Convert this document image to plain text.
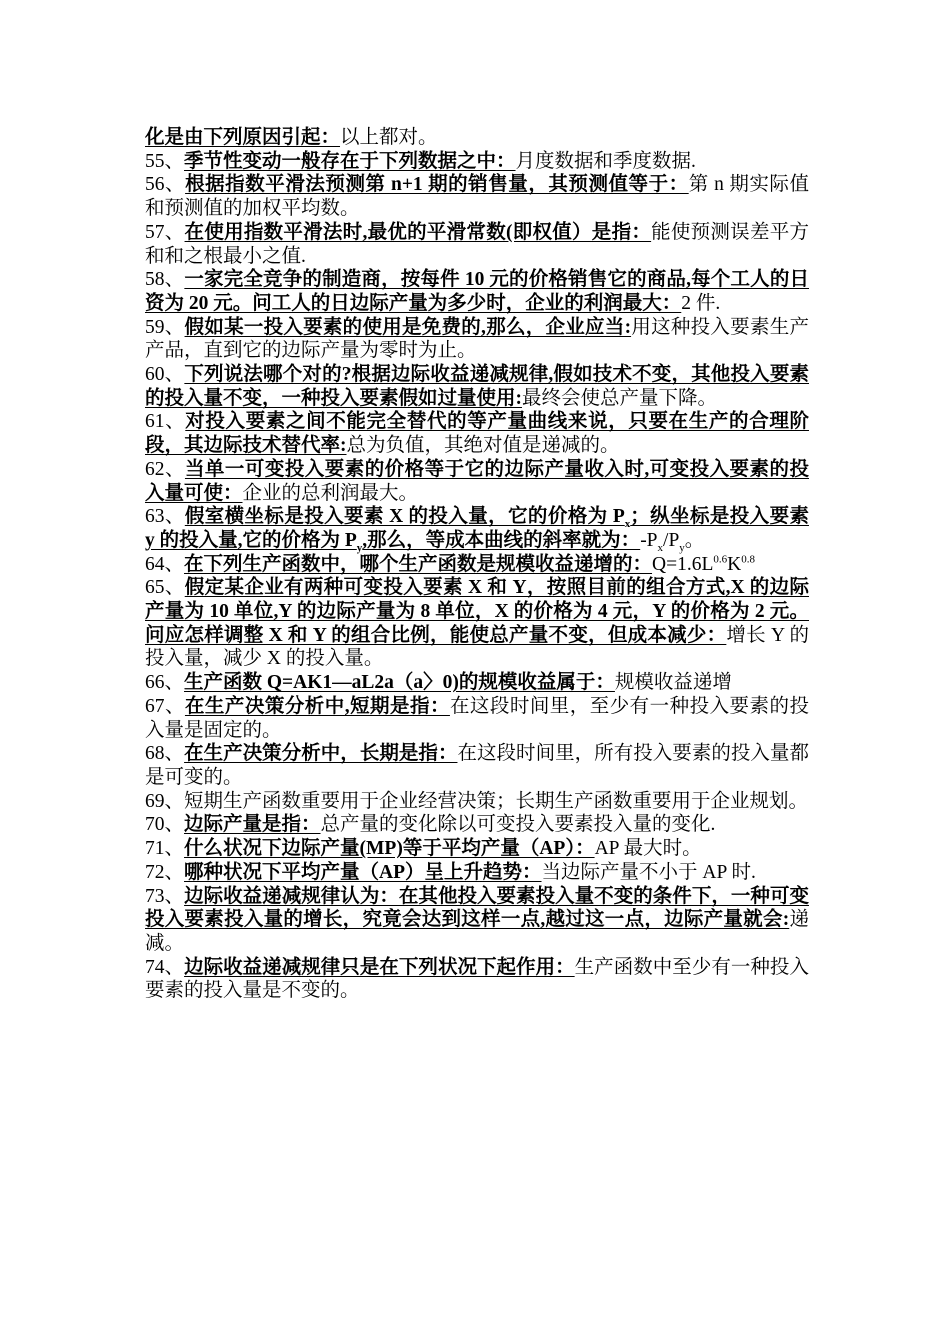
化是由下列原因引起：以上都对。

55、季节性变动一般存在于下列数据之中：月度数据和季度数据.

56、根据指数平滑法预测第 n+1 期的销售量，其预测值等于：第 n 期实际值和预测值的加权平均数。

57、在使用指数平滑法时,最优的平滑常数(即权值）是指：能使预测误差平方和和之根最小之值.

58、一家完全竞争的制造商，按每件 10 元的价格销售它的商品,每个工人的日资为 20 元。问工人的日边际产量为多少时，企业的利润最大：2 件.

59、假如某一投入要素的使用是免费的,那么，企业应当:用这种投入要素生产产品，直到它的边际产量为零时为止。

60、下列说法哪个对的?根据边际收益递减规律,假如技术不变，其他投入要素的投入量不变，一种投入要素假如过量使用:最终会使总产量下降。

61、对投入要素之间不能完全替代的等产量曲线来说，只要在生产的合理阶段，其边际技术替代率:总为负值，其绝对值是递减的。

62、当单一可变投入要素的价格等于它的边际产量收入时,可变投入要素的投入量可使：企业的总利润最大。

63、假室横坐标是投入要素 X 的投入量，它的价格为 $P_x$；纵坐标是投入要素 y 的投入量,它的价格为 $P_y$,那么，等成本曲线的斜率就为：$-P_x/P_y$。

64、在下列生产函数中，哪个生产函数是规模收益递增的：$Q=1.6L^{0.6}K^{0.8}$

65、假定某企业有两种可变投入要素 X 和 Y，按照目前的组合方式,X 的边际产量为 10 单位,Y 的边际产量为 8 单位，X 的价格为 4 元，Y 的价格为 2 元。问应怎样调整 X 和 Y 的组合比例，能使总产量不变，但成本减少：增长 Y 的投入量，减少 X 的投入量。

66、生产函数 Q=AK1—aL2a（a〉0)的规模收益属于：规模收益递增

67、在生产决策分析中,短期是指：在这段时间里，至少有一种投入要素的投入量是固定的。

68、在生产决策分析中，长期是指：在这段时间里，所有投入要素的投入量都是可变的。

69、短期生产函数重要用于企业经营决策；长期生产函数重要用于企业规划。

70、边际产量是指：总产量的变化除以可变投入要素投入量的变化.

71、什么状况下边际产量(MP)等于平均产量（AP）：AP 最大时。

72、哪种状况下平均产量（AP）呈上升趋势：当边际产量不小于 AP 时.

73、边际收益递减规律认为：在其他投入要素投入量不变的条件下，一种可变投入要素投入量的增长，究竟会达到这样一点,越过这一点，边际产量就会:递减。

74、边际收益递减规律只是在下列状况下起作用：生产函数中至少有一种投入要素的投入量是不变的。
